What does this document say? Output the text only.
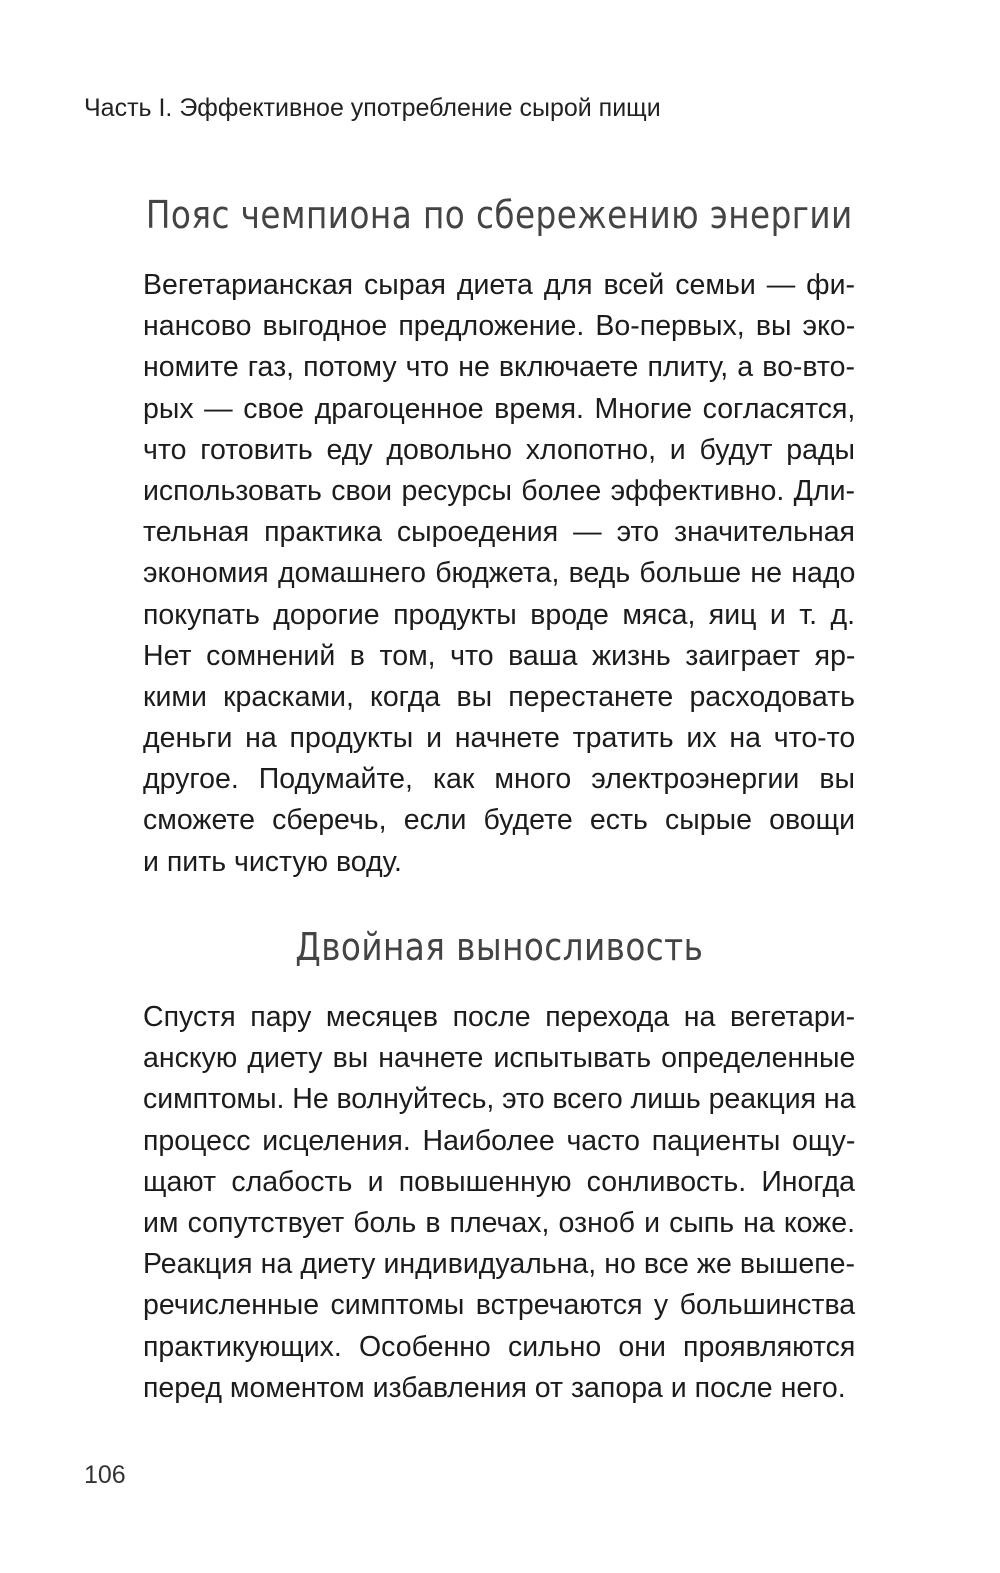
Часть I. Эффективное употребление сырой пищи
Пояс чемпиона по сбережению энергии

Вегетарианская сырая диета для всей семьи — фи-
нансово выгодное предложение. Во-первых, вы эко-
номите газ, потому что не включаете плиту, а во-вто-
рых — свое драгоценное время. Многие согласятся,
что готовить еду довольно хлопотно, и будут рады
использовать свои ресурсы более эффективно. Дли-
тельная практика сыроедения — это значительная
экономия домашнего бюджета, ведь больше не надо
покупать дорогие продукты вроде мяса, яиц и т. д.
Нет сомнений в том, что ваша жизнь заиграет яр-
кими красками, когда вы перестанете расходовать
деньги на продукты и начнете тратить их на что-то
другое. Подумайте, как много электроэнергии вы
сможете сберечь, если будете есть сырые овощи
и пить чистую воду.

Двойная выносливость

Спустя пару месяцев после перехода на вегетари-
анскую диету вы начнете испытывать определенные
симптомы. Не волнуйтесь, это всего лишь реакция на
процесс исцеления. Наиболее часто пациенты ощу-
щают слабость и повышенную сонливость. Иногда
им сопутствует боль в плечах, озноб и сыпь на коже.
Реакция на диету индивидуальна, но все же вышепе-
речисленные симптомы встречаются у большинства
практикующих. Особенно сильно они проявляются
перед моментом избавления от запора и после него.

106
